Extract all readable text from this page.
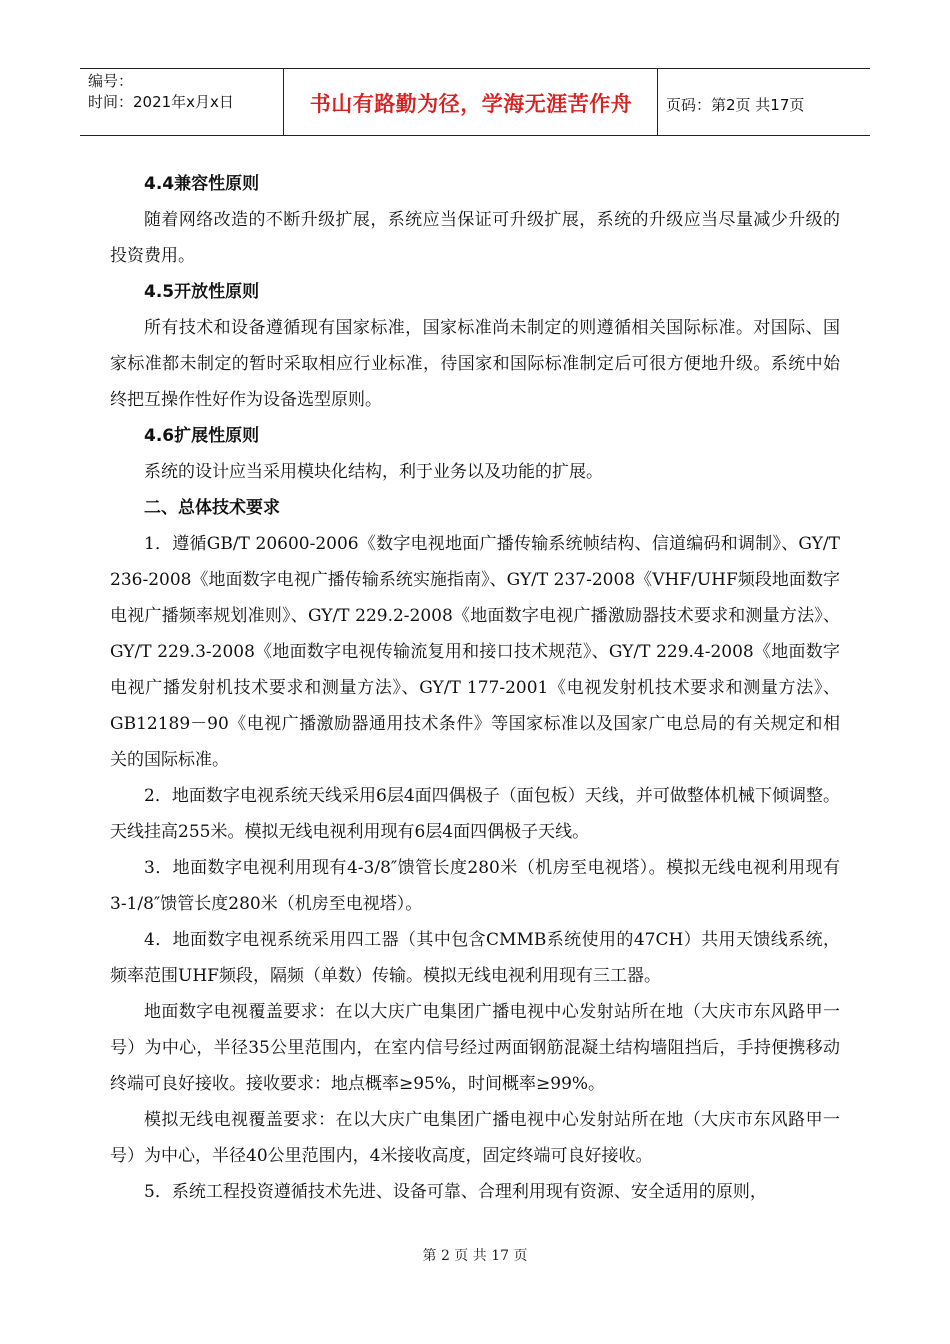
编号：
时间：2021年x月x日	书山有路勤为径，学海无涯苦作舟	页码：第2页 共17页
4.4兼容性原则

随着网络改造的不断升级扩展，系统应当保证可升级扩展，系统的升级应当尽量减少升级的投资费用。

4.5开放性原则

所有技术和设备遵循现有国家标准，国家标准尚未制定的则遵循相关国际标准。对国际、国家标准都未制定的暂时采取相应行业标准，待国家和国际标准制定后可很方便地升级。系统中始终把互操作性好作为设备选型原则。

4.6扩展性原则

系统的设计应当采用模块化结构，利于业务以及功能的扩展。

二、总体技术要求

1．遵循GB/T 20600-2006《数字电视地面广播传输系统帧结构、信道编码和调制》、GY/T 236-2008《地面数字电视广播传输系统实施指南》、GY/T 237-2008《VHF/UHF频段地面数字电视广播频率规划准则》、GY/T 229.2-2008《地面数字电视广播激励器技术要求和测量方法》、GY/T 229.3-2008《地面数字电视传输流复用和接口技术规范》、GY/T 229.4-2008《地面数字电视广播发射机技术要求和测量方法》、GY/T 177-2001《电视发射机技术要求和测量方法》、GB12189－90《电视广播激励器通用技术条件》等国家标准以及国家广电总局的有关规定和相关的国际标准。

2．地面数字电视系统天线采用6层4面四偶极子（面包板）天线，并可做整体机械下倾调整。天线挂高255米。模拟无线电视利用现有6层4面四偶极子天线。

3．地面数字电视利用现有4-3/8″馈管长度280米（机房至电视塔）。模拟无线电视利用现有3-1/8″馈管长度280米（机房至电视塔）。

4．地面数字电视系统采用四工器（其中包含CMMB系统使用的47CH）共用天馈线系统，频率范围UHF频段，隔频（单数）传输。模拟无线电视利用现有三工器。

地面数字电视覆盖要求：在以大庆广电集团广播电视中心发射站所在地（大庆市东风路甲一号）为中心，半径35公里范围内，在室内信号经过两面钢筋混凝土结构墙阻挡后，手持便携移动终端可良好接收。接收要求：地点概率≥95%，时间概率≥99%。

模拟无线电视覆盖要求：在以大庆广电集团广播电视中心发射站所在地（大庆市东风路甲一号）为中心，半径40公里范围内，4米接收高度，固定终端可良好接收。

5．系统工程投资遵循技术先进、设备可靠、合理利用现有资源、安全适用的原则，

第 2 页 共 17 页
